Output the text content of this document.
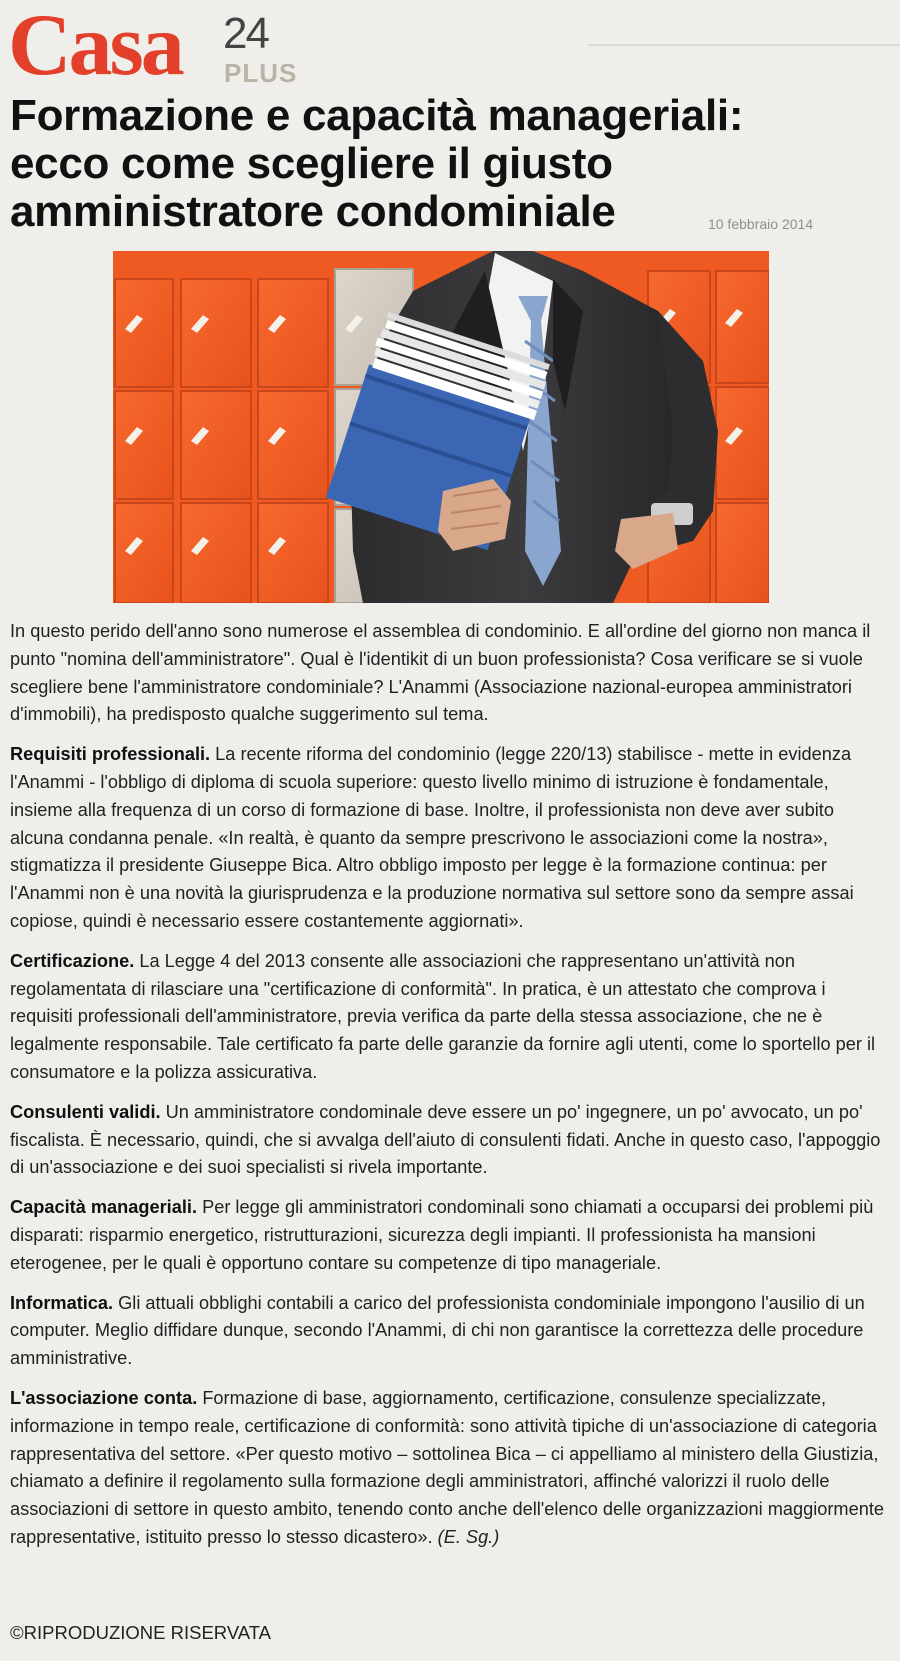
Casa 24
PLUS
Formazione e capacità manageriali: ecco come scegliere il giusto amministratore condominiale	10 febbraio 2014

In questo perido dell'anno sono numerose el assemblea di condominio. E all'ordine del giorno non manca il punto "nomina dell'amministratore". Qual è l'identikit di un buon professionista? Cosa verificare se si vuole scegliere bene l'amministratore condominiale? L'Anammi (Associazione nazional-europea amministratori d'immobili), ha predisposto qualche suggerimento sul tema.

Requisiti professionali. La recente riforma del condominio (legge 220/13) stabilisce - mette in evidenza l'Anammi - l'obbligo di diploma di scuola superiore: questo livello minimo di istruzione è fondamentale, insieme alla frequenza di un corso di formazione di base. Inoltre, il professionista non deve aver subito alcuna condanna penale. «In realtà, è quanto da sempre prescrivono le associazioni come la nostra», stigmatizza il presidente Giuseppe Bica. Altro obbligo imposto per legge è la formazione continua: per l'Anammi non è una novità la giurisprudenza e la produzione normativa sul settore sono da sempre assai copiose, quindi è necessario essere costantemente aggiornati».

Certificazione. La Legge 4 del 2013 consente alle associazioni che rappresentano un'attività non regolamentata di rilasciare una "certificazione di conformità". In pratica, è un attestato che comprova i requisiti professionali dell'amministratore, previa verifica da parte della stessa associazione, che ne è legalmente responsabile. Tale certificato fa parte delle garanzie da fornire agli utenti, come lo sportello per il consumatore e la polizza assicurativa.

Consulenti validi. Un amministratore condominale deve essere un po' ingegnere, un po' avvocato, un po' fiscalista. È necessario, quindi, che si avvalga dell'aiuto di consulenti fidati. Anche in questo caso, l'appoggio di un'associazione e dei suoi specialisti si rivela importante.

Capacità manageriali. Per legge gli amministratori condominali sono chiamati a occuparsi dei problemi più disparati: risparmio energetico, ristrutturazioni, sicurezza degli impianti. Il professionista ha mansioni eterogenee, per le quali è opportuno contare su competenze di tipo manageriale.

Informatica. Gli attuali obblighi contabili a carico del professionista condominiale impongono l'ausilio di un computer. Meglio diffidare dunque, secondo l'Anammi, di chi non garantisce la correttezza delle procedure amministrative.

L'associazione conta. Formazione di base, aggiornamento, certificazione, consulenze specializzate, informazione in tempo reale, certificazione di conformità: sono attività tipiche di un'associazione di categoria rappresentativa del settore. «Per questo motivo – sottolinea Bica – ci appelliamo al ministero della Giustizia, chiamato a definire il regolamento sulla formazione degli amministratori, affinché valorizzi il ruolo delle associazioni di settore in questo ambito, tenendo conto anche dell'elenco delle organizzazioni maggiormente rappresentative, istituito presso lo stesso dicastero». (E. Sg.)

©RIPRODUZIONE RISERVATA
